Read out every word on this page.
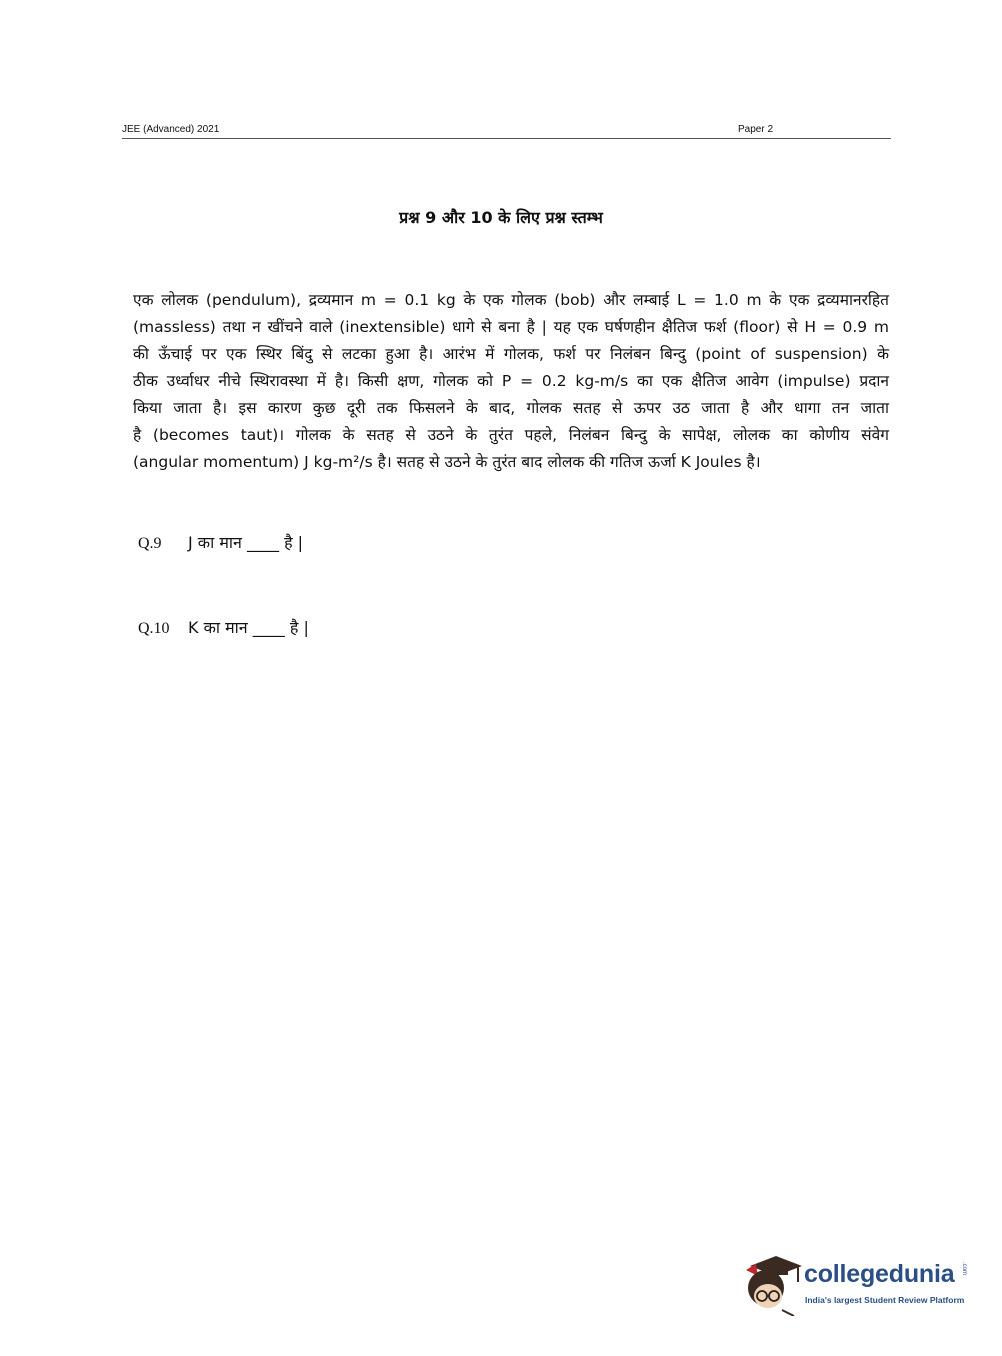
JEE (Advanced) 2021	Paper 2
प्रश्न 9 और 10 के लिए प्रश्न स्तम्भ
एक लोलक (pendulum), द्रव्यमान m = 0.1 kg के एक गोलक (bob) और लम्बाई L = 1.0 m के एक द्रव्यमानरहित
(massless) तथा न खींचने वाले (inextensible) धागे से बना है | यह एक घर्षणहीन क्षैतिज फर्श (floor) से H = 0.9 m
की ऊँचाई पर एक स्थिर बिंदु से लटका हुआ है। आरंभ में गोलक, फर्श पर निलंबन बिन्दु (point of suspension) के
ठीक उर्ध्वाधर नीचे स्थिरावस्था में है। किसी क्षण, गोलक को P = 0.2 kg-m/s का एक क्षैतिज आवेग (impulse) प्रदान
किया जाता है। इस कारण कुछ दूरी तक फिसलने के बाद, गोलक सतह से ऊपर उठ जाता है और धागा तन जाता
है (becomes taut)। गोलक के सतह से उठने के तुरंत पहले, निलंबन बिन्दु के सापेक्ष, लोलक का कोणीय संवेग
(angular momentum) J kg-m²/s है। सतह से उठने के तुरंत बाद लोलक की गतिज ऊर्जा K Joules है।
Q.9 J का मान ____ है |
Q.10 K का मान ____ है |
collegedunia .com
India's largest Student Review Platform
